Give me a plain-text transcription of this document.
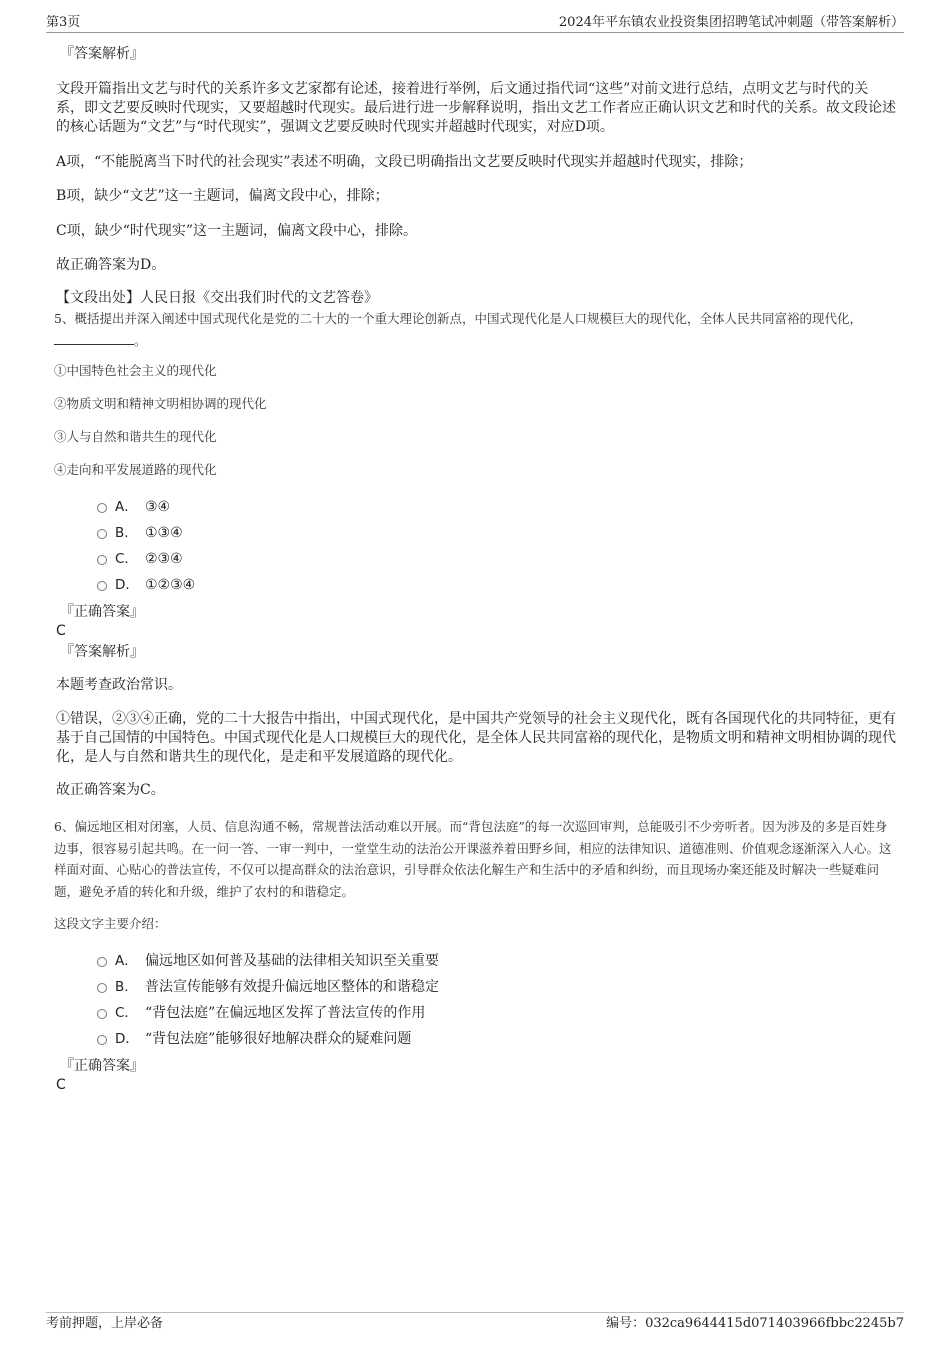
第3页	2024年平东镇农业投资集团招聘笔试冲刺题（带答案解析）

『答案解析』

文段开篇指出文艺与时代的关系许多文艺家都有论述，接着进行举例，后文通过指代词“这些”对前文进行总结，点明文艺与时代的关系，即文艺要反映时代现实，又要超越时代现实。最后进行进一步解释说明，指出文艺工作者应正确认识文艺和时代的关系。故文段论述的核心话题为“文艺”与“时代现实”，强调文艺要反映时代现实并超越时代现实，对应D项。

A项，“不能脱离当下时代的社会现实”表述不明确，文段已明确指出文艺要反映时代现实并超越时代现实，排除；

B项，缺少“文艺”这一主题词，偏离文段中心，排除；

C项，缺少“时代现实”这一主题词，偏离文段中心，排除。

故正确答案为D。

【文段出处】人民日报《交出我们时代的文艺答卷》

5、概括提出并深入阐述中国式现代化是党的二十大的一个重大理论创新点，中国式现代化是人口规模巨大的现代化，全体人民共同富裕的现代化，。

①中国特色社会主义的现代化

②物质文明和精神文明相协调的现代化

③人与自然和谐共生的现代化

④走向和平发展道路的现代化

A． ③④
B. ①③④
C． ②③④
D． ①②③④

『正确答案』

C

『答案解析』

本题考查政治常识。

①错误，②③④正确，党的二十大报告中指出，中国式现代化，是中国共产党领导的社会主义现代化，既有各国现代化的共同特征，更有基于自己国情的中国特色。中国式现代化是人口规模巨大的现代化，是全体人民共同富裕的现代化，是物质文明和精神文明相协调的现代化，是人与自然和谐共生的现代化，是走和平发展道路的现代化。

故正确答案为C。

6、偏远地区相对闭塞，人员、信息沟通不畅，常规普法活动难以开展。而“背包法庭”的每一次巡回审判，总能吸引不少旁听者。因为涉及的多是百姓身边事，很容易引起共鸣。在一问一答、一审一判中，一堂堂生动的法治公开课滋养着田野乡间，相应的法律知识、道德准则、价值观念逐渐深入人心。这样面对面、心贴心的普法宣传，不仅可以提高群众的法治意识，引导群众依法化解生产和生活中的矛盾和纠纷，而且现场办案还能及时解决一些疑难问题，避免矛盾的转化和升级，维护了农村的和谐稳定。

这段文字主要介绍：

A． 偏远地区如何普及基础的法律相关知识至关重要
B. 普法宣传能够有效提升偏远地区整体的和谐稳定
C． “背包法庭”在偏远地区发挥了普法宣传的作用
D． “背包法庭”能够很好地解决群众的疑难问题

『正确答案』

C

考前押题，上岸必备	编号：032ca9644415d071403966fbbc2245b7
